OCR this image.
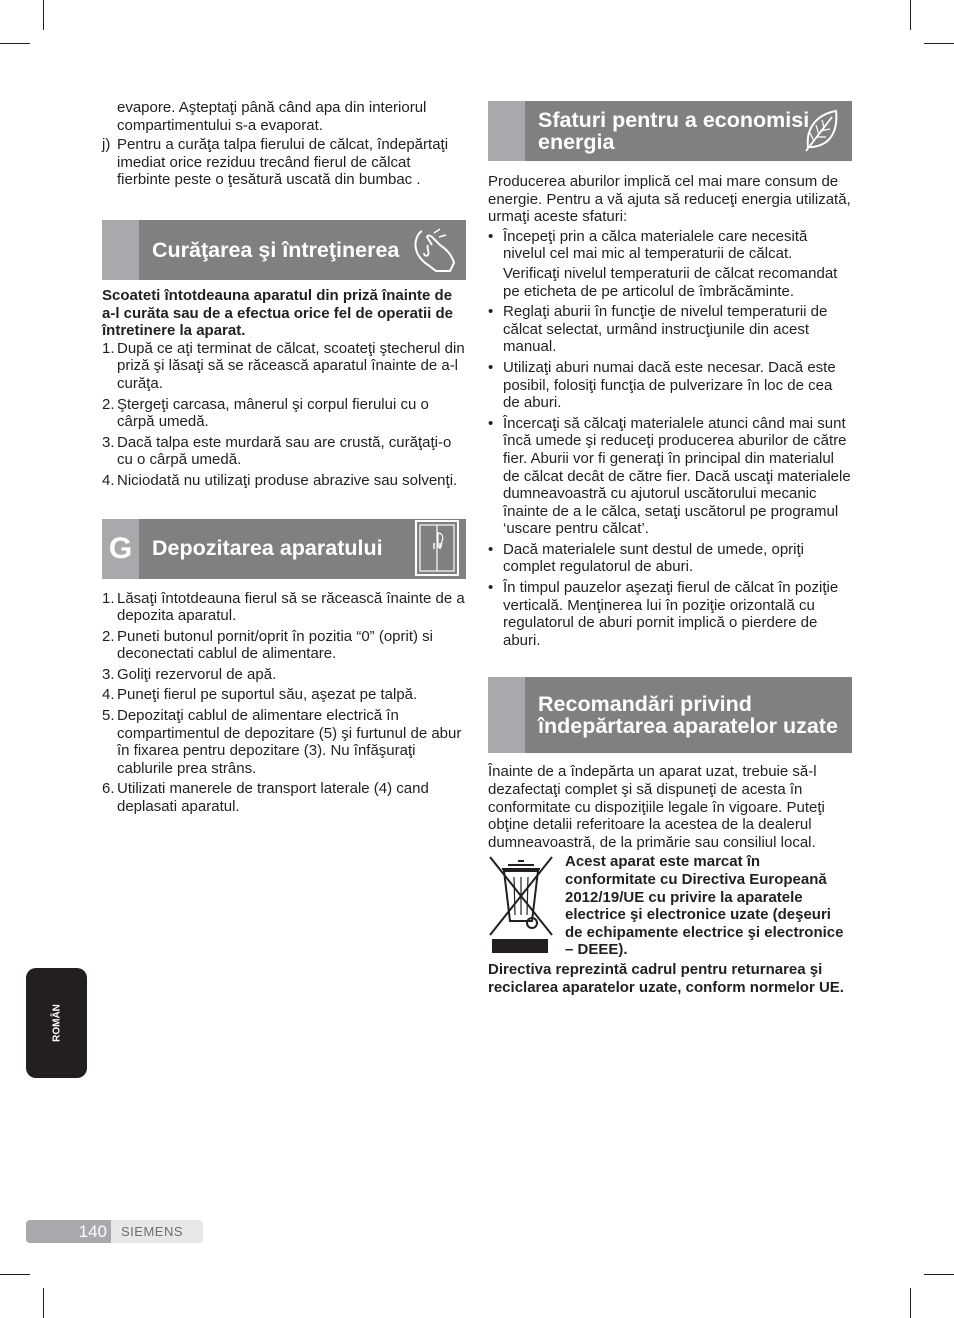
evapore. Aşteptaţi până când apa din interiorul compartimentului s-a evaporat.

j) Pentru a curăţa talpa fierului de călcat, îndepărtaţi imediat orice reziduu trecând fierul de călcat fierbinte peste o ţesătură uscată din bumbac .
Curăţarea şi întreţinerea

Scoateti întotdeauna aparatul din priză înainte de a-l curăta sau de a efectua orice fel de operatii de întretinere la aparat.

1. După ce aţi terminat de călcat, scoateţi ştecherul din priză şi lăsaţi să se răcească aparatul înainte de a-l curăţa.
2. Ştergeţi carcasa, mânerul şi corpul fierului cu o cârpă umedă.
3. Dacă talpa este murdară sau are crustă, curăţaţi-o cu o cârpă umedă.
4. Niciodată nu utilizaţi produse abrazive sau solvenţi.
G Depozitarea aparatului
1. Lăsaţi întotdeauna fierul să se răcească înainte de a depozita aparatul.
2. Puneti butonul pornit/oprit în pozitia “0” (oprit) si deconectati cablul de alimentare.
3. Goliţi rezervorul de apă.
4. Puneţi fierul pe suportul său, aşezat pe talpă.
5. Depozitaţi cablul de alimentare electrică în compartimentul de depozitare (5) şi furtunul de abur în fixarea pentru depozitare (3). Nu înfăşuraţi cablurile prea strâns.
6. Utilizati manerele de transport laterale (4) cand deplasati aparatul.
Sfaturi pentru a economisi energia

Producerea aburilor implică cel mai mare consum de energie. Pentru a vă ajuta să reduceţi energia utilizată, urmaţi aceste sfaturi:

• Începeţi prin a călca materialele care necesită nivelul cel mai mic al temperaturii de călcat.
Verificaţi nivelul temperaturii de călcat recomandat pe eticheta de pe articolul de îmbrăcăminte.
• Reglaţi aburii în funcţie de nivelul temperaturii de călcat selectat, urmând instrucţiunile din acest manual.
• Utilizaţi aburi numai dacă este necesar. Dacă este posibil, folosiţi funcţia de pulverizare în loc de cea de aburi.
• Încercaţi să călcaţi materialele atunci când mai sunt încă umede şi reduceţi producerea aburilor de către fier. Aburii vor fi generaţi în principal din materialul de călcat decât de către fier. Dacă uscaţi materialele dumneavoastră cu ajutorul uscătorului mecanic înainte de a le călca, setaţi uscătorul pe programul ‘uscare pentru călcat’.
• Dacă materialele sunt destul de umede, opriţi complet regulatorul de aburi.
• În timpul pauzelor aşezaţi fierul de călcat în poziţie verticală. Menţinerea lui în poziţie orizontală cu regulatorul de aburi pornit implică o pierdere de aburi.
Recomandări privind îndepărtarea aparatelor uzate

Înainte de a îndepărta un aparat uzat, trebuie să-l dezafectaţi complet şi să dispuneţi de acesta în conformitate cu dispoziţiile legale în vigoare. Puteţi obţine detalii referitoare la acestea de la dealerul dumneavoastră, de la primărie sau consiliul local.

Acest aparat este marcat în conformitate cu Directiva Europeană 2012/19/UE cu privire la aparatele electrice şi electronice uzate (deşeuri de echipamente electrice şi electronice – DEEE).

Directiva reprezintă cadrul pentru returnarea şi reciclarea aparatelor uzate, conform normelor UE.

ROMÂN
140	SIEMENS
